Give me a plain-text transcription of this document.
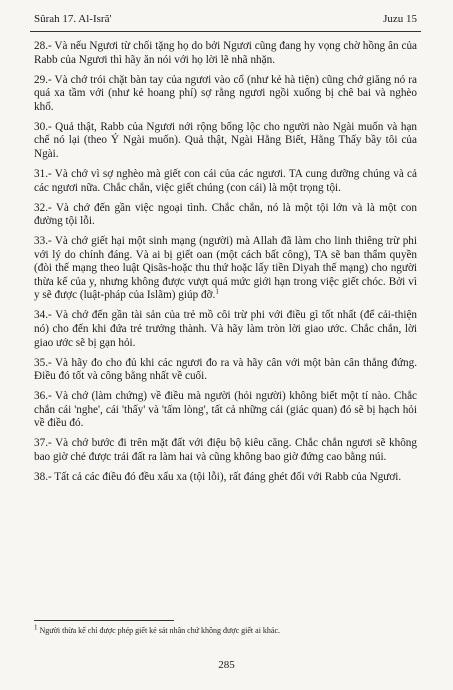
Sûrah 17. Al-Isrã'	Juzu 15

28.- Và nếu Ngươi từ chối tặng họ do bởi Ngươi cũng đang hy vọng chờ hồng ân của Rabb của Ngươi thì hãy ăn nói với họ lời lẽ nhã nhặn.

29.- Và chớ trói chặt bàn tay của ngươi vào cổ (như kẻ hà tiện) cũng chớ giăng nó ra quá xa tầm với (như kẻ hoang phí) sợ rằng ngươi ngồi xuống bị chê bai và nghèo khổ.

30.- Quả thật, Rabb của Ngươi nới rộng bổng lộc cho người nào Ngài muốn và hạn chế nó lại (theo Ý Ngài muốn). Quả thật, Ngài Hằng Biết, Hằng Thấy bầy tôi của Ngài.

31.- Và chớ vì sợ nghèo mà giết con cái của các ngươi. TA cung dưỡng chúng và cả các ngươi nữa. Chắc chắn, việc giết chúng (con cái) là một trọng tội.

32.- Và chớ đến gần việc ngoại tình. Chắc chắn, nó là một tội lớn và là một con đường tội lỗi.

33.- Và chớ giết hại một sinh mạng (người) mà Allah đã làm cho linh thiêng trừ phi với lý do chính đáng. Và ai bị giết oan (một cách bất công), TA sẽ ban thẩm quyền (đòi thế mạng theo luật Qisãs-hoặc thu thứ hoặc lấy tiền Diyah thế mạng) cho người thừa kế của y, nhưng không được vượt quá mức giới hạn trong việc giết chóc. Bởi vì y sẽ được (luật-pháp của Islãm) giúp đỡ.$^1$

34.- Và chớ đến gần tài sản của trẻ mồ côi trừ phi với điều gì tốt nhất (để cải-thiện nó) cho đến khi đứa trẻ trưởng thành. Và hãy làm tròn lời giao ước. Chắc chắn, lời giao ước sẽ bị gạn hỏi.

35.- Và hãy đo cho đủ khi các ngươi đo ra và hãy cân với một bàn cân thẳng đứng. Điều đó tốt và công bằng nhất về cuối.

36.- Và chớ (làm chứng) về điều mà người (hỏi người) không biết một tí nào. Chắc chắn cái 'nghe', cái 'thấy' và 'tấm lòng', tất cả những cái (giác quan) đó sẽ bị hạch hỏi về điều đó.

37.- Và chớ bước đi trên mặt đất với điệu bộ kiêu căng. Chắc chắn ngươi sẽ không bao giờ chẻ được trái đất ra làm hai và cũng không bao giờ đứng cao bằng núi.

38.- Tất cả các điều đó đều xấu xa (tội lỗi), rất đáng ghét đối với Rabb của Ngươi.

$^1$ Người thừa kế chỉ được phép giết kẻ sát nhân chứ không được giết ai khác.
285
